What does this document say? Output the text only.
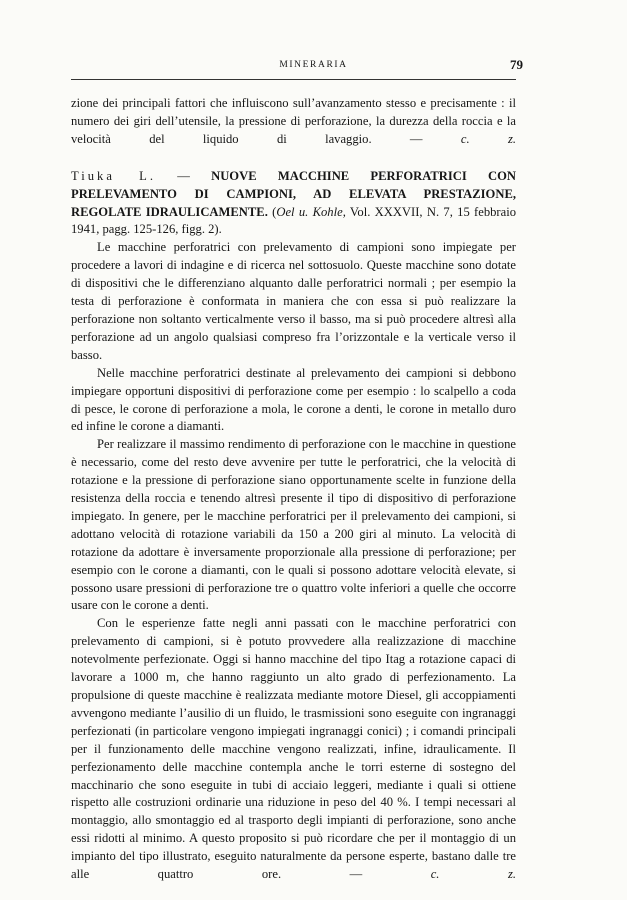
MINERARIA	79

zione dei principali fattori che influiscono sull’avanzamento stesso e precisamente : il numero dei giri dell’utensile, la pressione di perforazione, la durezza della roccia e la velocità del liquido di lavaggio. —	c. z.

Tiuka L. — NUOVE MACCHINE PERFORATRICI CON PRELEVAMENTO DI CAMPIONI, AD ELEVATA PRESTAZIONE, REGOLATE IDRAULICAMENTE. (Oel u. Kohle, Vol. XXXVII, N. 7, 15 febbraio 1941, pagg. 125-126, figg. 2).

Le macchine perforatrici con prelevamento di campioni sono impiegate per procedere a lavori di indagine e di ricerca nel sottosuolo. Queste macchine sono dotate di dispositivi che le differenziano alquanto dalle perforatrici normali ; per esempio la testa di perforazione è conformata in maniera che con essa si può realizzare la perforazione non soltanto verticalmente verso il basso, ma si può procedere altresì alla perforazione ad un angolo qualsiasi compreso fra l’orizzontale e la verticale verso il basso.

Nelle macchine perforatrici destinate al prelevamento dei campioni si debbono impiegare opportuni dispositivi di perforazione come per esempio : lo scalpello a coda di pesce, le corone di perforazione a mola, le corone a denti, le corone in metallo duro ed infine le corone a diamanti.

Per realizzare il massimo rendimento di perforazione con le macchine in questione è necessario, come del resto deve avvenire per tutte le perforatrici, che la velocità di rotazione e la pressione di perforazione siano opportunamente scelte in funzione della resistenza della roccia e tenendo altresì presente il tipo di dispositivo di perforazione impiegato. In genere, per le macchine perforatrici per il prelevamento dei campioni, si adottano velocità di rotazione variabili da 150 a 200 giri al minuto. La velocità di rotazione da adottare è inversamente proporzionale alla pressione di perforazione; per esempio con le corone a diamanti, con le quali si possono adottare velocità elevate, si possono usare pressioni di perforazione tre o quattro volte inferiori a quelle che occorre usare con le corone a denti.

Con le esperienze fatte negli anni passati con le macchine perforatrici con prelevamento di campioni, si è potuto provvedere alla realizzazione di macchine notevolmente perfezionate. Oggi si hanno macchine del tipo Itag a rotazione capaci di lavorare a 1000 m, che hanno raggiunto un alto grado di perfezionamento. La propulsione di queste macchine è realizzata mediante motore Diesel, gli accoppiamenti avvengono mediante l’ausilio di un fluido, le trasmissioni sono eseguite con ingranaggi perfezionati (in particolare vengono impiegati ingranaggi conici) ; i comandi principali per il funzionamento delle macchine vengono realizzati, infine, idraulicamente. Il perfezionamento delle macchine contempla anche le torri esterne di sostegno del macchinario che sono eseguite in tubi di acciaio leggeri, mediante i quali si ottiene rispetto alle costruzioni ordinarie una riduzione in peso del 40 %. I tempi necessari al montaggio, allo smontaggio ed al trasporto degli impianti di perforazione, sono anche essi ridotti al minimo. A questo proposito si può ricordare che per il montaggio di un impianto del tipo illustrato, eseguito naturalmente da persone esperte, bastano dalle tre alle quattro ore. —	c. z.
